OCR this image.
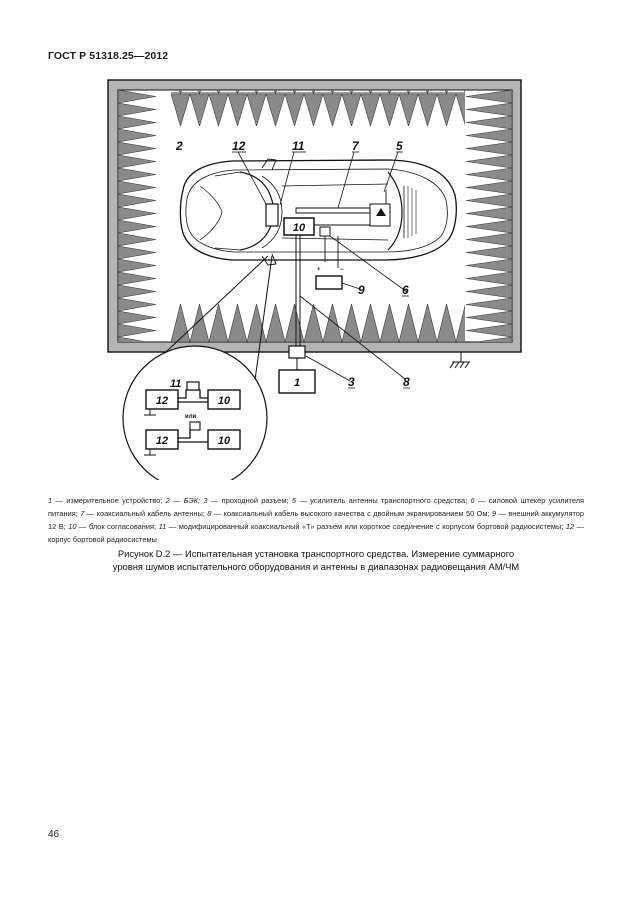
ГОСТ Р 51318.25—2012
10
+	−
1
2	12	11	7	5
9	6
3	8
12	10
11
или
12	10
1 — измерительное устройство; 2 — БЭК; 3 — проходной разъем; 5 — усилитель антенны транспортного средства; 6 — силовой штекер усилителя питания; 7 — коаксиальный кабель антенны; 8 — коаксиальный кабель высокого качества с двойным экранированием 50 Ом; 9 — внешний аккумулятор 12 В; 10 — блок согласования; 11 — модифицированный коаксиальный «Т» разъем или короткое соединение с корпусом бортовой радиосистемы; 12 — корпус бортовой радиосистемы
Рисунок D.2 — Испытательная установка транспортного средства. Измерение суммарного
уровня шумов испытательного оборудования и антенны в диапазонах радиовещания АМ/ЧМ
46
